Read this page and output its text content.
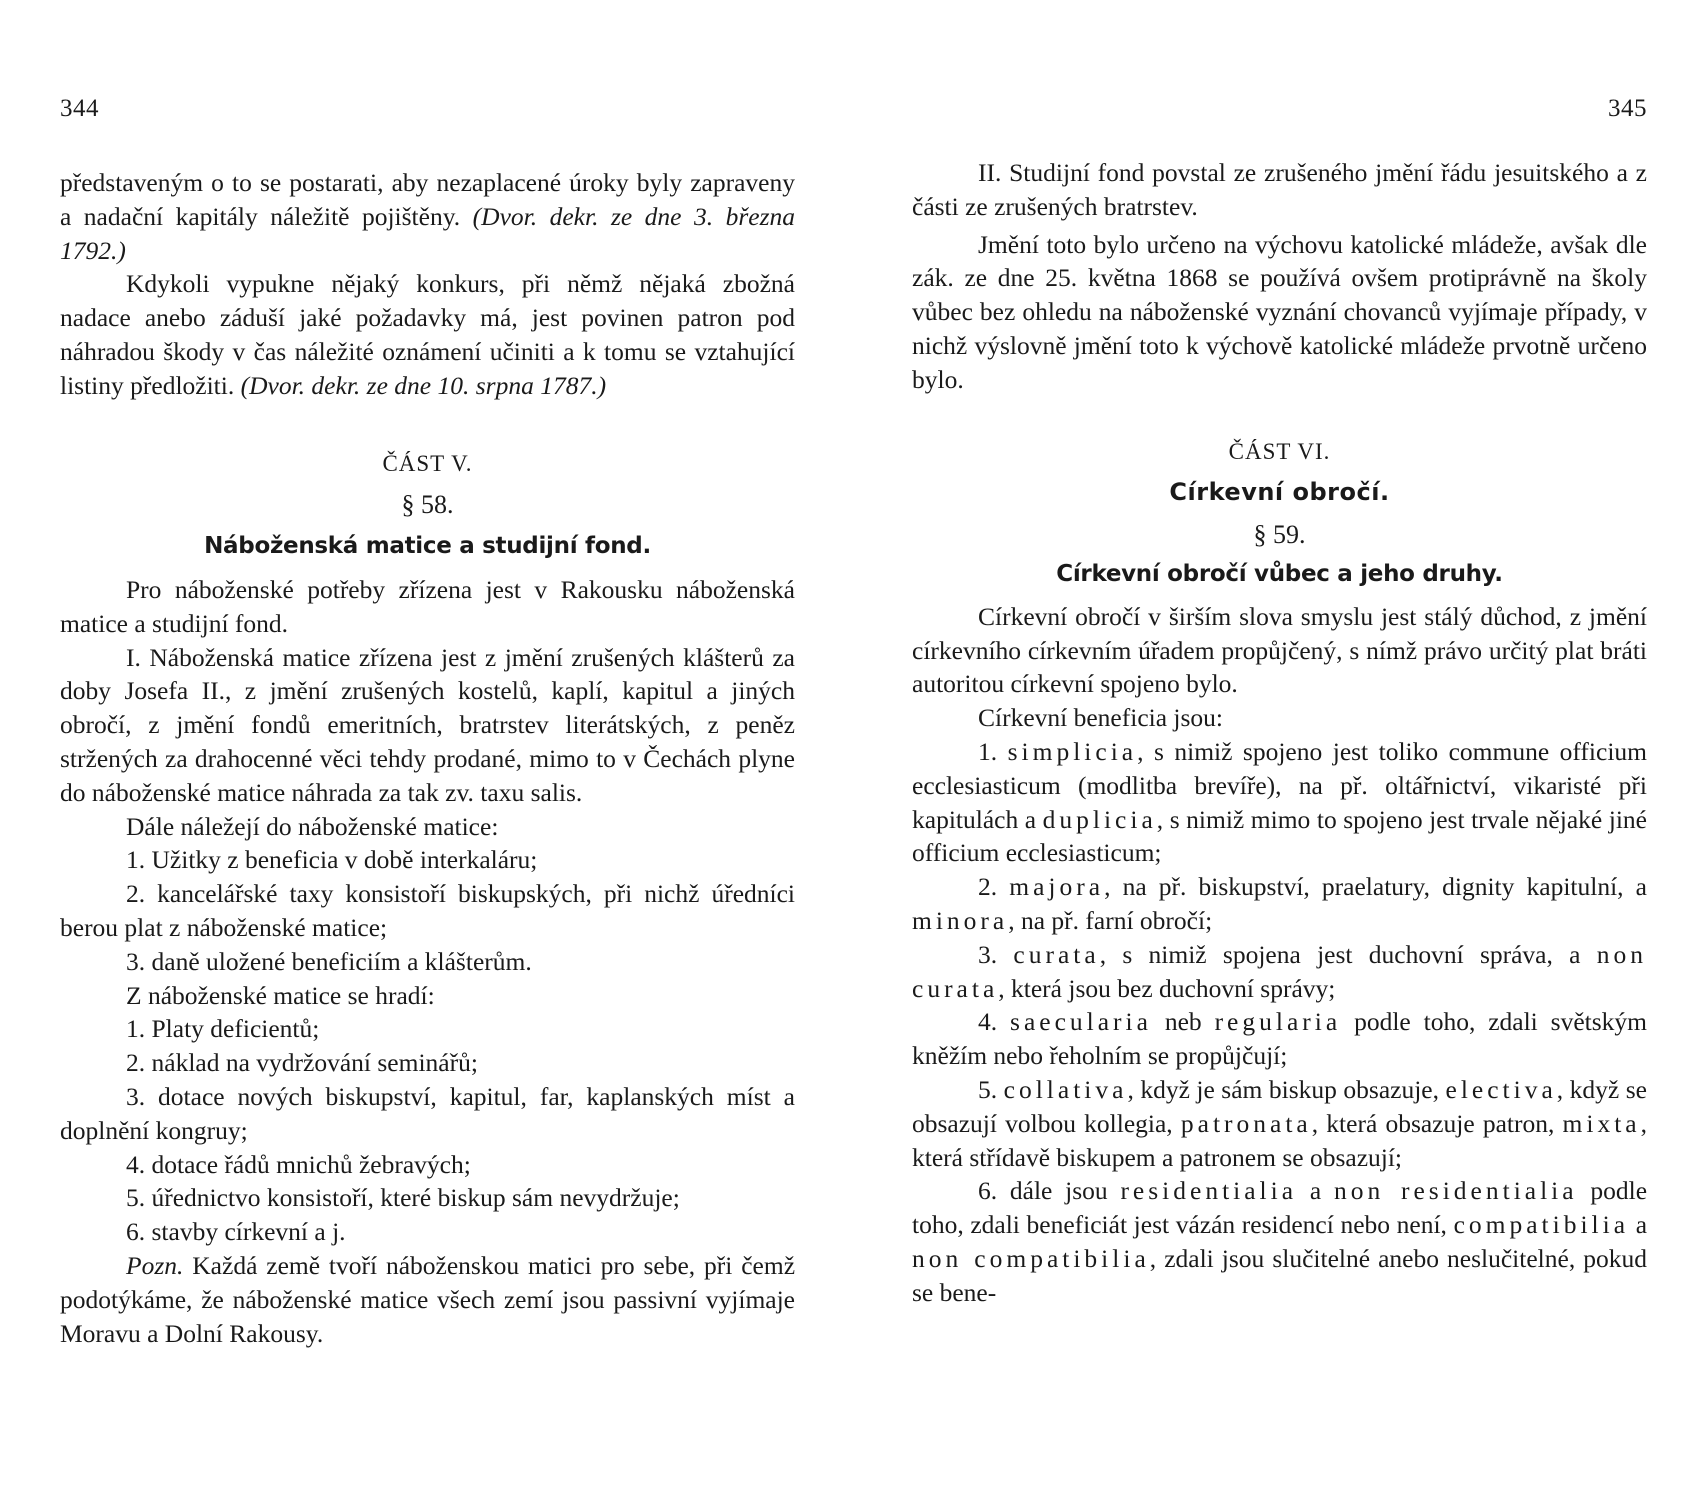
344

představeným o to se postarati, aby nezaplacené úroky byly zapraveny a nadační kapitály náležitě pojištěny. (Dvor. dekr. ze dne 3. března 1792.)

Kdykoli vypukne nějaký konkurs, při němž nějaká zbožná nadace anebo záduší jaké požadavky má, jest povinen patron pod náhradou škody v čas náležité oznámení učiniti a k tomu se vztahující listiny předložiti. (Dvor. dekr. ze dne 10. srpna 1787.)

ČÁST V.

§ 58.

Náboženská matice a studijní fond.

Pro náboženské potřeby zřízena jest v Rakousku náboženská matice a studijní fond.

I. Náboženská matice zřízena jest z jmění zrušených klášterů za doby Josefa II., z jmění zrušených kostelů, kaplí, kapitul a jiných obročí, z jmění fondů emeritních, bratrstev literátských, z peněz stržených za drahocenné věci tehdy prodané, mimo to v Čechách plyne do náboženské matice náhrada za tak zv. taxu salis.

Dále náležejí do náboženské matice:

1. Užitky z beneficia v době interkaláru;

2. kancelářské taxy konsistoří biskupských, při nichž úředníci berou plat z náboženské matice;

3. daně uložené beneficiím a klášterům.

Z náboženské matice se hradí:

1. Platy deficientů;

2. náklad na vydržování seminářů;

3. dotace nových biskupství, kapitul, far, kaplanských míst a doplnění kongruy;

4. dotace řádů mnichů žebravých;

5. úřednictvo konsistoří, které biskup sám nevydržuje;

6. stavby církevní a j.

Pozn. Každá země tvoří náboženskou matici pro sebe, při čemž podotýkáme, že náboženské matice všech zemí jsou passivní vyjímaje Moravu a Dolní Rakousy.

345

II. Studijní fond povstal ze zrušeného jmění řádu jesuitského a z části ze zrušených bratrstev.

Jmění toto bylo určeno na výchovu katolické mládeže, avšak dle zák. ze dne 25. května 1868 se používá ovšem protiprávně na školy vůbec bez ohledu na náboženské vyznání chovanců vyjímaje případy, v nichž výslovně jmění toto k výchově katolické mládeže prvotně určeno bylo.

ČÁST VI.

Církevní obročí.

§ 59.

Církevní obročí vůbec a jeho druhy.

Církevní obročí v širším slova smyslu jest stálý důchod, z jmění církevního církevním úřadem propůjčený, s nímž právo určitý plat bráti autoritou církevní spojeno bylo.

Církevní beneficia jsou:

1. simplicia, s nimiž spojeno jest toliko commune officium ecclesiasticum (modlitba brevíře), na př. oltářnictví, vikaristé při kapitulách a duplicia, s nimiž mimo to spojeno jest trvale nějaké jiné officium ecclesiasticum;

2. majora, na př. biskupství, praelatury, dignity kapitulní, a minora, na př. farní obročí;

3. curata, s nimiž spojena jest duchovní správa, a non curata, která jsou bez duchovní správy;

4. saecularia neb regularia podle toho, zdali světským kněžím nebo řeholním se propůjčují;

5. collativa, když je sám biskup obsazuje, electiva, když se obsazují volbou kollegia, patronata, která obsazuje patron, mixta, která střídavě biskupem a patronem se obsazují;

6. dále jsou residentialia a non residentialia podle toho, zdali beneficiát jest vázán residencí nebo není, compatibilia a non compatibilia, zdali jsou slučitelné anebo neslučitelné, pokud se bene-
